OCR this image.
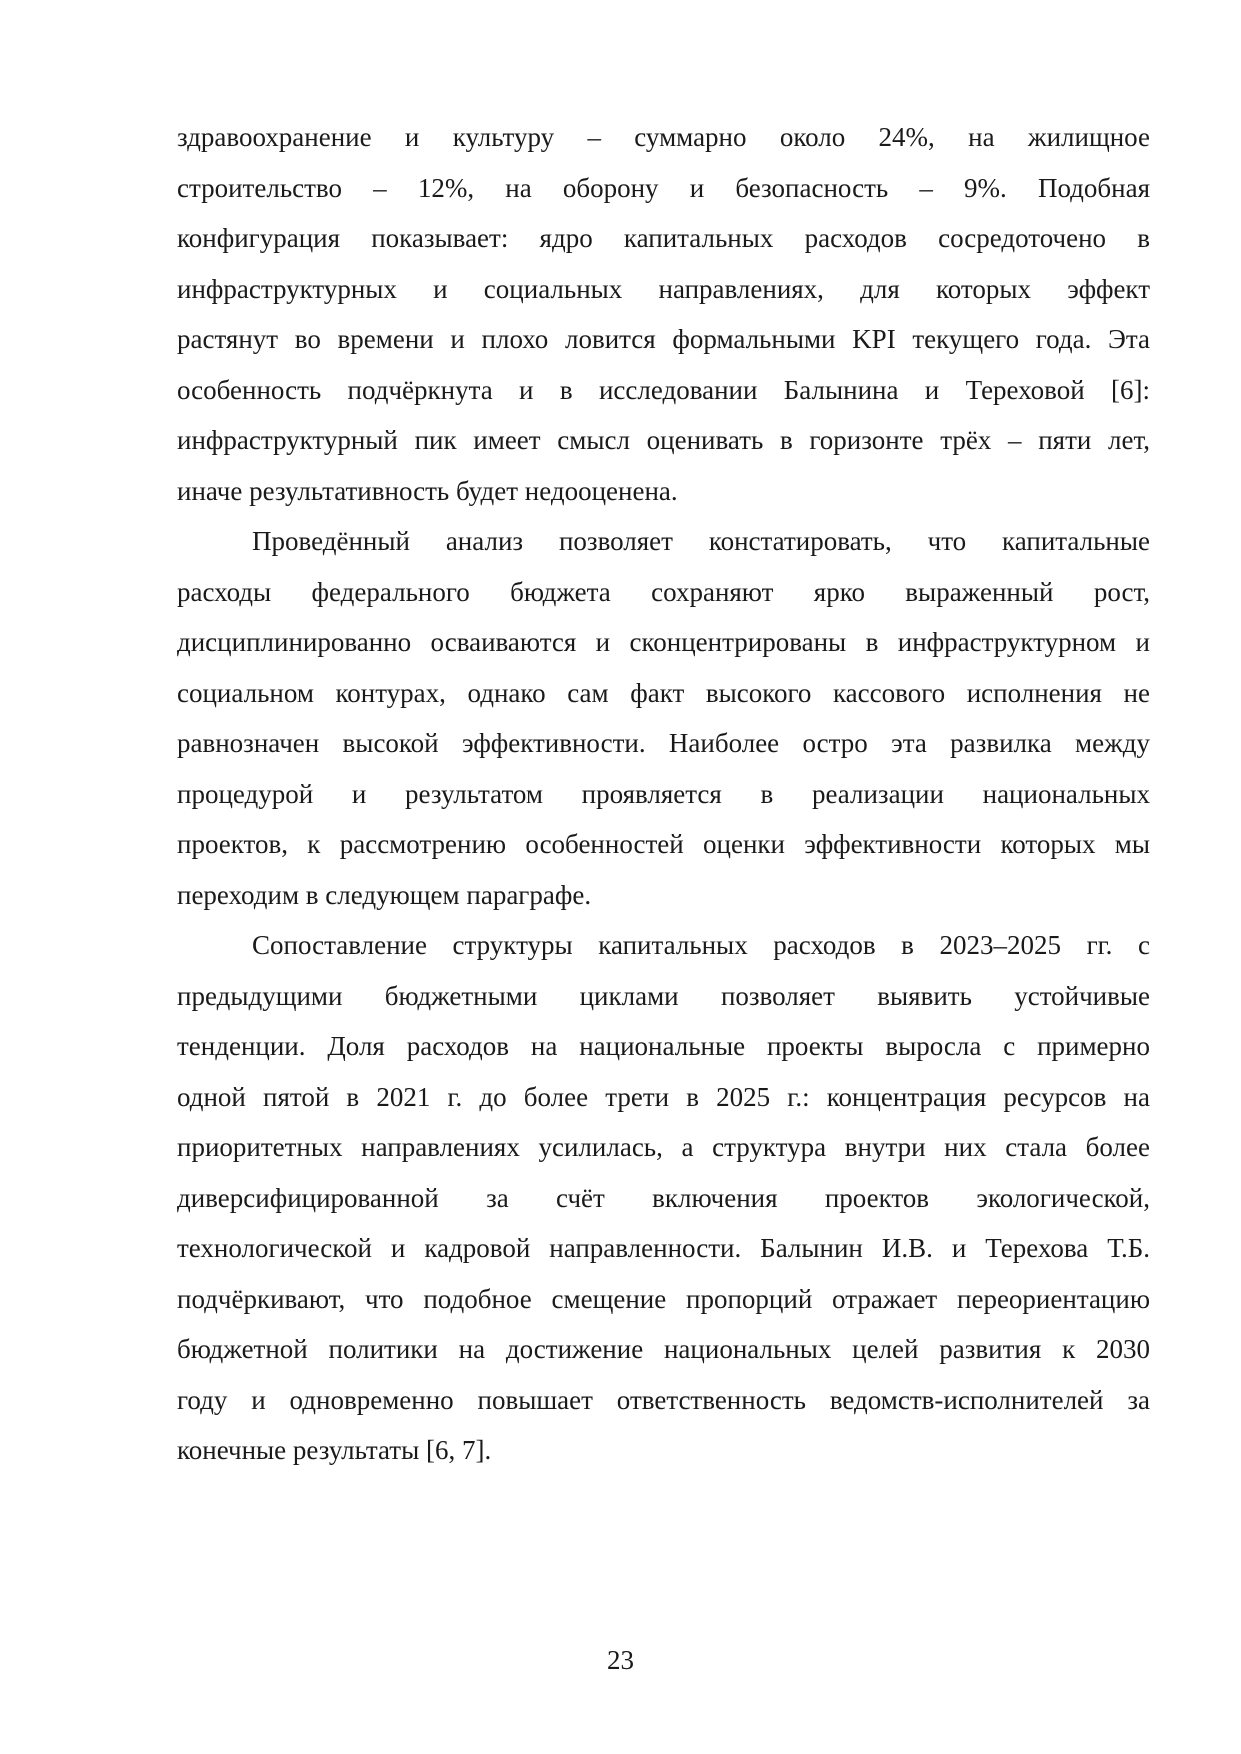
здравоохранение и культуру – суммарно около 24%, на жилищное
строительство – 12%, на оборону и безопасность – 9%. Подобная
конфигурация показывает: ядро капитальных расходов сосредоточено в
инфраструктурных и социальных направлениях, для которых эффект
растянут во времени и плохо ловится формальными KPI текущего года. Эта
особенность подчёркнута и в исследовании Балынина и Тереховой [6]:
инфраструктурный пик имеет смысл оценивать в горизонте трёх – пяти лет,
иначе результативность будет недооценена.
Проведённый анализ позволяет констатировать, что капитальные
расходы федерального бюджета сохраняют ярко выраженный рост,
дисциплинированно осваиваются и сконцентрированы в инфраструктурном и
социальном контурах, однако сам факт высокого кассового исполнения не
равнозначен высокой эффективности. Наиболее остро эта развилка между
процедурой и результатом проявляется в реализации национальных
проектов, к рассмотрению особенностей оценки эффективности которых мы
переходим в следующем параграфе.
Сопоставление структуры капитальных расходов в 2023–2025 гг. с
предыдущими бюджетными циклами позволяет выявить устойчивые
тенденции. Доля расходов на национальные проекты выросла с примерно
одной пятой в 2021 г. до более трети в 2025 г.: концентрация ресурсов на
приоритетных направлениях усилилась, а структура внутри них стала более
диверсифицированной за счёт включения проектов экологической,
технологической и кадровой направленности. Балынин И.В. и Терехова Т.Б.
подчёркивают, что подобное смещение пропорций отражает переориентацию
бюджетной политики на достижение национальных целей развития к 2030
году и одновременно повышает ответственность ведомств-исполнителей за
конечные результаты [6, 7].
23
